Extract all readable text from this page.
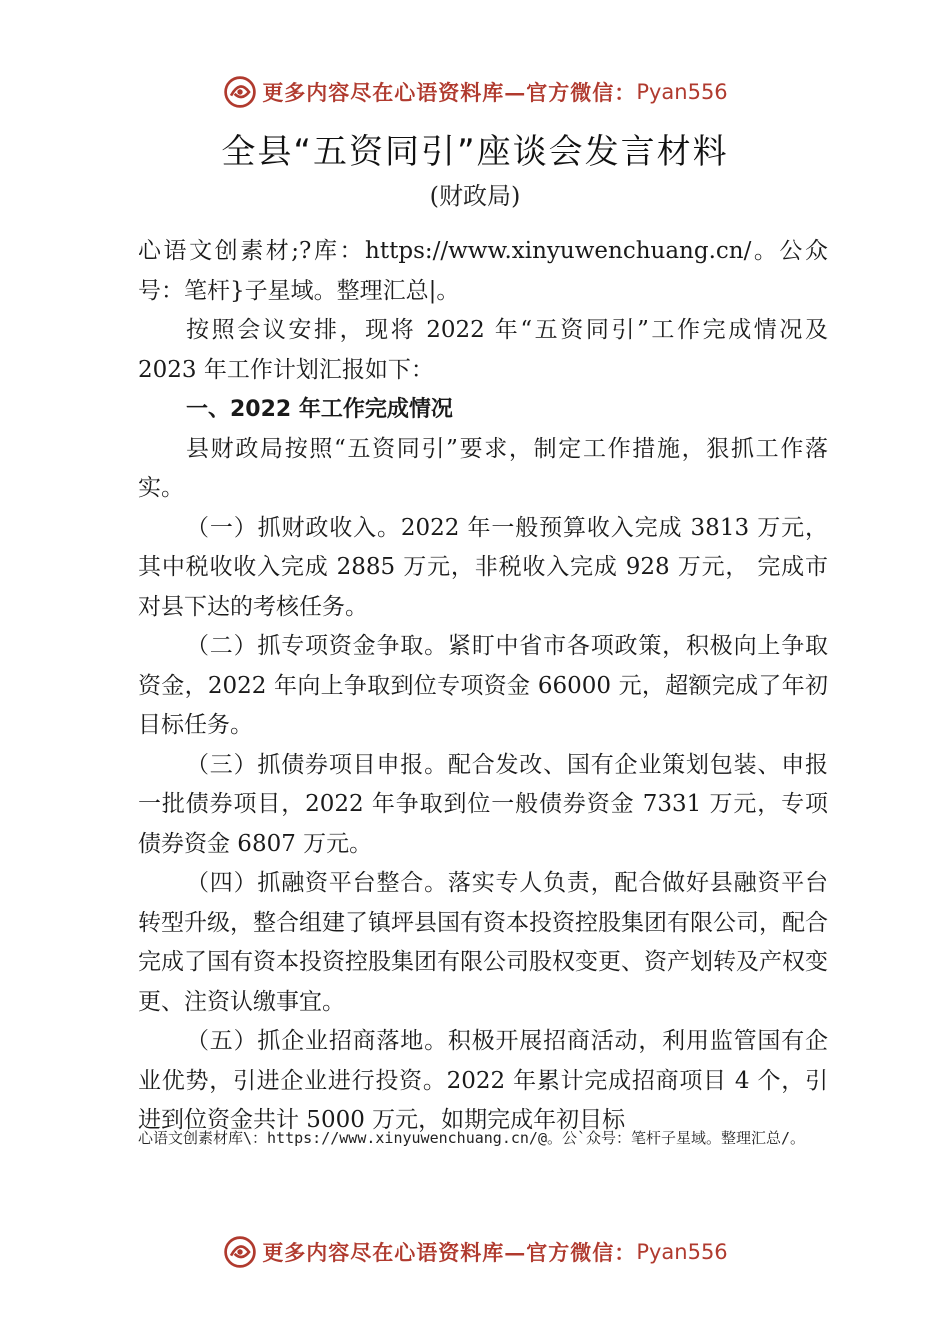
更多内容尽在心语资料库—官方微信： Pyan556
全县“五资同引”座谈会发言材料
(财政局)

心语文创素材;?库：https://www.xinyuwenchuang.cn/。公众号：笔杆}子星域。整理汇总|。

按照会议安排，现将 2022 年“五资同引”工作完成情况及 2023 年工作计划汇报如下：

一、2022 年工作完成情况

县财政局按照“五资同引”要求，制定工作措施，狠抓工作落实。

（一）抓财政收入。2022 年一般预算收入完成 3813 万元，其中税收收入完成 2885 万元，非税收入完成 928 万元， 完成市对县下达的考核任务。

（二）抓专项资金争取。紧盯中省市各项政策，积极向上争取资金，2022 年向上争取到位专项资金 66000 元，超额完成了年初目标任务。

（三）抓债券项目申报。配合发改、国有企业策划包装、申报一批债券项目，2022 年争取到位一般债券资金 7331 万元，专项债券资金 6807 万元。

（四）抓融资平台整合。落实专人负责，配合做好县融资平台转型升级，整合组建了镇坪县国有资本投资控股集团有限公司，配合完成了国有资本投资控股集团有限公司股权变更、资产划转及产权变更、注资认缴事宜。

（五）抓企业招商落地。积极开展招商活动，利用监管国有企业优势，引进企业进行投资。2022 年累计完成招商项目 4 个，引进到位资金共计 5000 万元，如期完成年初目标

心语文创素材库\：https://www.xinyuwenchuang.cn/@。公`众号：笔杆子星域。整理汇总/。
更多内容尽在心语资料库—官方微信： Pyan556
